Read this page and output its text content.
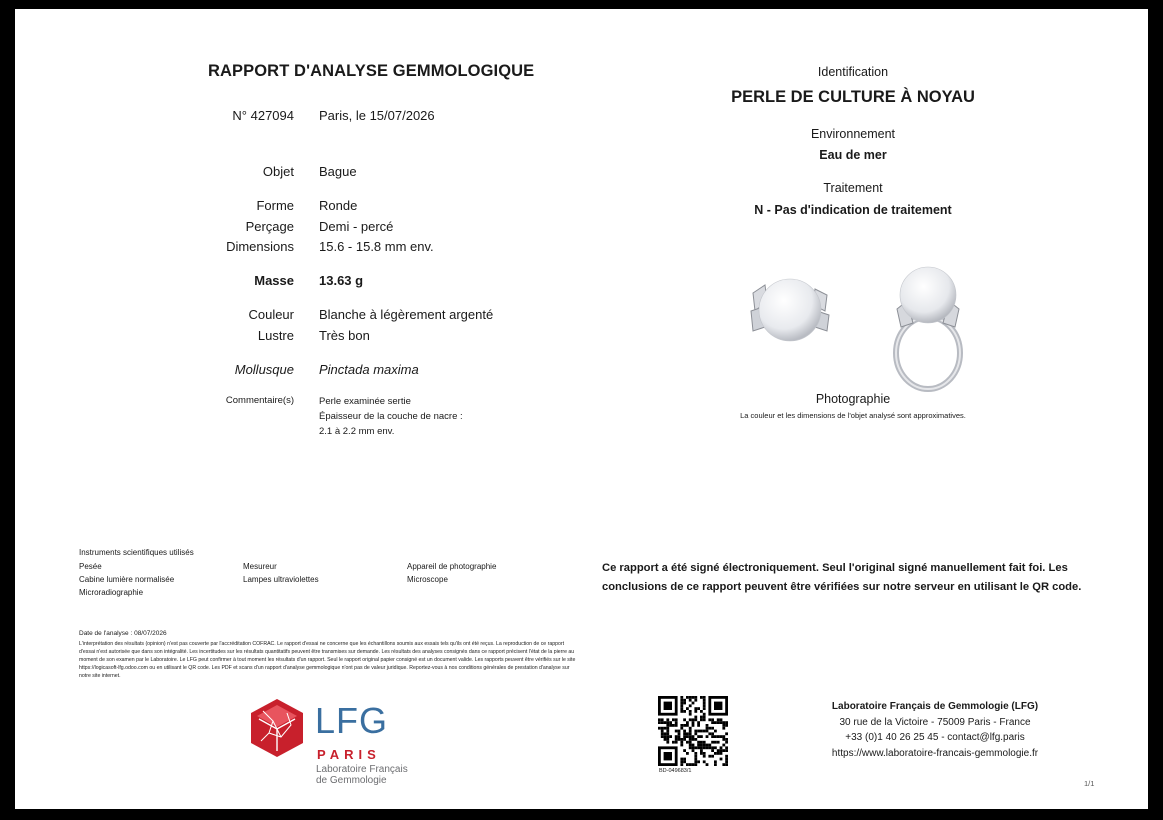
RAPPORT D'ANALYSE GEMMOLOGIQUE
N° 427094 Paris, le 15/07/2026
Objet Bague
Forme Ronde
Perçage Demi - percé
Dimensions 15.6 - 15.8 mm env.
Masse 13.63 g
Couleur Blanche à légèrement argenté
Lustre Très bon
Mollusque Pinctada maxima
Commentaire(s)	Perle examinée sertie
Épaisseur de la couche de nacre :
2.1 à 2.2 mm env.
Identification
PERLE DE CULTURE À NOYAU
Environnement
Eau de mer
Traitement
N - Pas d'indication de traitement
Photographie
La couleur et les dimensions de l'objet analysé sont approximatives.
Instruments scientifiques utilisés
Pesée
Cabine lumière normalisée
Microradiographie
Mesureur
Lampes ultraviolettes
Appareil de photographie
Microscope
Ce rapport a été signé électroniquement. Seul l'original signé manuellement fait foi. Les conclusions de ce rapport peuvent être vérifiées sur notre serveur en utilisant le QR code.
Date de l'analyse : 08/07/2026
L'interprétation des résultats (opinion) n'est pas couverte par l'accréditation COFRAC. Le rapport d'essai ne concerne que les échantillons soumis aux essais tels qu'ils ont été reçus. La reproduction de ce rapport d'essai n'est autorisée que dans son intégralité. Les incertitudes sur les résultats quantitatifs peuvent être transmises sur demande. Les résultats des analyses consignés dans ce rapport précisent l'état de la pierre au moment de son examen par le Laboratoire. Le LFG peut confirmer à tout moment les résultats d'un rapport. Seul le rapport original papier consigné est un document valide. Les rapports peuvent être vérifiés sur le site https://logicasoft-lfg.odoo.com ou en utilisant le QR code. Les PDF et scans d'un rapport d'analyse gemmologique n'ont pas de valeur juridique. Reportez-vous à nos conditions générales de prestation d'analyse sur notre site internet.
LFG
PARIS
Laboratoire Français
de Gemmologie
BD-049683/1
Laboratoire Français de Gemmologie (LFG)
30 rue de la Victoire - 75009 Paris - France
+33 (0)1 40 26 25 45 - contact@lfg.paris
https://www.laboratoire-francais-gemmologie.fr
1/1
